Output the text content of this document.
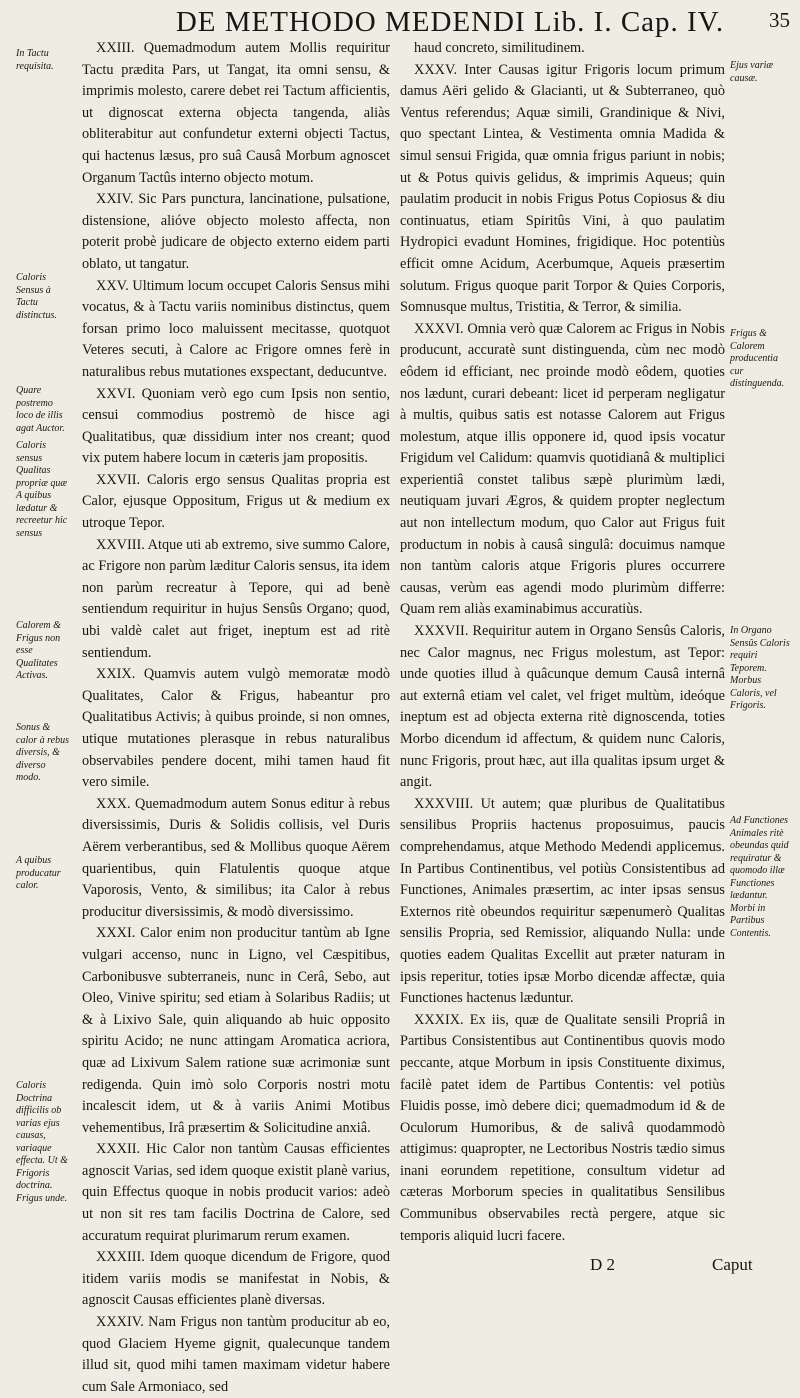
DE METHODO MEDENDI Lib. I. Cap. IV. 35

XXIII. Quemadmodum autem Mollis requiritur Tactu prædita Pars, ut Tangat, ita omni sensu, & imprimis molesto, carere debet rei Tactum afficientis, ut dignoscat externa objecta tangenda, aliàs obliterabitur aut confundetur externi objecti Tactus, qui hactenus læsus, pro suâ Causâ Morbum agnoscet Organum Tactûs interno objecto motum.

XXIV. Sic Pars punctura, lancinatione, pulsatione, distensione, alióve objecto molesto affecta, non poterit probè judicare de objecto externo eidem parti oblato, ut tangatur.

XXV. Ultimum locum occupet Caloris Sensus mihi vocatus, & à Tactu variis nominibus distinctus, quem forsan primo loco maluissent mecitasse, quotquot Veteres secuti, à Calore ac Frigore omnes ferè in naturalibus rebus mutationes exspectant, deducuntve.

XXVI. Quoniam verò ego cum Ipsis non sentio, censui commodius postremò de hisce agi Qualitatibus, quæ dissidium inter nos creant; quod vix putem habere locum in cæteris jam propositis.

XXVII. Caloris ergo sensus Qualitas propria est Calor, ejusque Oppositum, Frigus ut & medium ex utroque Tepor.

XXVIII. Atque uti ab extremo, sive summo Calore, ac Frigore non parùm læditur Caloris sensus, ita idem non parùm recreatur à Tepore, qui ad benè sentiendum requiritur in hujus Sensûs Organo; quod, ubi valdè calet aut friget, ineptum est ad ritè sentiendum.

XXIX. Quamvis autem vulgò memoratæ modò Qualitates, Calor & Frigus, habeantur pro Qualitatibus Activis; à quibus proinde, si non omnes, utique mutationes plerasque in rebus naturalibus observabiles pendere docent, mihi tamen haud fit vero simile.

XXX. Quemadmodum autem Sonus editur à rebus diversissimis, Duris & Solidis collisis, vel Duris Aërem verberantibus, sed & Mollibus quoque Aërem quarientibus, quin Flatulentis quoque atque Vaporosis, Vento, & similibus; ita Calor à rebus producitur diversissimis, & modò diversissimo.

XXXI. Calor enim non producitur tantùm ab Igne vulgari accenso, nunc in Ligno, vel Cæspitibus, Carbonibusve subterraneis, nunc in Cerâ, Sebo, aut Oleo, Vinive spiritu; sed etiam à Solaribus Radiis; ut & à Lixivo Sale, quin aliquando ab huic opposito spiritu Acido; ne nunc attingam Aromatica acriora, quæ ad Lixivum Salem ratione suæ acrimoniæ sunt redigenda. Quin imò solo Corporis nostri motu incalescit idem, ut & à variis Animi Motibus vehementibus, Irâ præsertim & Solicitudine anxiâ.

XXXII. Hic Calor non tantùm Causas efficientes agnoscit Varias, sed idem quoque existit planè varius, quin Effectus quoque in nobis producit varios: adeò ut non sit res tam facilis Doctrina de Calore, sed accuratum requirat plurimarum rerum examen.

XXXIII. Idem quoque dicendum de Frigore, quod itidem variis modis se manifestat in Nobis, & agnoscit Causas efficientes planè diversas.

XXXIV. Nam Frigus non tantùm producitur ab eo, quod Glaciem Hyeme gignit, qualecunque tandem illud sit, quod mihi tamen maximam videtur habere cum Sale Armoniaco, sed

haud concreto, similitudinem.

XXXV. Inter Causas igitur Frigoris locum primum damus Aëri gelido & Glacianti, ut & Subterraneo, quò Ventus referendus; Aquæ simili, Grandinique & Nivi, quo spectant Lintea, & Vestimenta omnia Madida & simul sensui Frigida, quæ omnia frigus pariunt in nobis; ut & Potus quivis gelidus, & imprimis Aqueus; quin paulatim producit in nobis Frigus Potus Copiosus & diu continuatus, etiam Spiritûs Vini, à quo paulatim Hydropici evadunt Homines, frigidique. Hoc potentiùs efficit omne Acidum, Acerbumque, Aqueis præsertim solutum. Frigus quoque parit Torpor & Quies Corporis, Somnusque multus, Tristitia, & Terror, & similia.

XXXVI. Omnia verò quæ Calorem ac Frigus in Nobis producunt, accuratè sunt distinguenda, cùm nec modò eôdem id efficiant, nec proinde modò eôdem, quoties nos lædunt, curari debeant: licet id perperam negligatur à multis, quibus satis est notasse Calorem aut Frigus molestum, atque illis opponere id, quod ipsis vocatur Frigidum vel Calidum: quamvis quotidianâ & multiplici experientiâ constet talibus sæpè plurimùm lædi, neutiquam juvari Ægros, & quidem propter neglectum aut non intellectum modum, quo Calor aut Frigus fuit productum in nobis à causâ singulâ: docuimus namque non tantùm caloris atque Frigoris plures occurrere causas, verùm eas agendi modo plurimùm differre: Quam rem aliàs examinabimus accuratiùs.

XXXVII. Requiritur autem in Organo Sensûs Caloris, nec Calor magnus, nec Frigus molestum, ast Tepor: unde quoties illud à quâcunque demum Causâ internâ aut externâ etiam vel calet, vel friget multùm, ideóque ineptum est ad objecta externa ritè dignoscenda, toties Morbo dicendum id affectum, & quidem nunc Caloris, nunc Frigoris, prout hæc, aut illa qualitas ipsum urget & angit.

XXXVIII. Ut autem; quæ pluribus de Qualitatibus sensilibus Propriis hactenus proposuimus, paucis comprehendamus, atque Methodo Medendi applicemus. In Partibus Continentibus, vel potiùs Consistentibus ad Functiones, Animales præsertim, ac inter ipsas sensus Externos ritè obeundos requiritur sæpenumerò Qualitas sensilis Propria, sed Remissior, aliquando Nulla: unde quoties eadem Qualitas Excellit aut præter naturam in ipsis reperitur, toties ipsæ Morbo dicendæ affectæ, quia Functiones hactenus læduntur.

XXXIX. Ex iis, quæ de Qualitate sensili Propriâ in Partibus Consistentibus aut Continentibus quovis modo peccante, atque Morbum in ipsis Constituente diximus, facilè patet idem de Partibus Contentis: vel potiùs Fluidis posse, imò debere dici; quemadmodum id & de Oculorum Humoribus, & de salivâ quodammodò attigimus: quapropter, ne Lectoribus Nostris tædio simus inani eorundem repetitione, consultum videtur ad cæteras Morborum species in qualitatibus Sensilibus Communibus observabiles rectà pergere, atque sic temporis aliquid lucri facere.

In Tactu requisita.
Caloris Sensus à Tactu distinctus.
Quare postremo loco de illis agat Auctor.
Caloris sensus Qualitas propriæ quæ A quibus lædatur & recreetur hic sensus
Calorem & Frigus non esse Qualitates Activas.
Sonus & calor à rebus diversis, & diverso modo.
A quibus producatur calor.
Caloris Doctrina difficilis ob varias ejus causas, variaque effecta. Ut & Frigoris doctrina. Frigus unde.
Ejus variæ causæ.
Frigus & Calorem producentia cur distinguenda.
In Organo Sensûs Caloris requiri Teporem. Morbus Caloris, vel Frigoris.
Ad Functiones Animales ritè obeundas quid requiratur & quomodo illæ Functiones lædantur. Morbi in Partibus Contentis.
D 2	Caput
